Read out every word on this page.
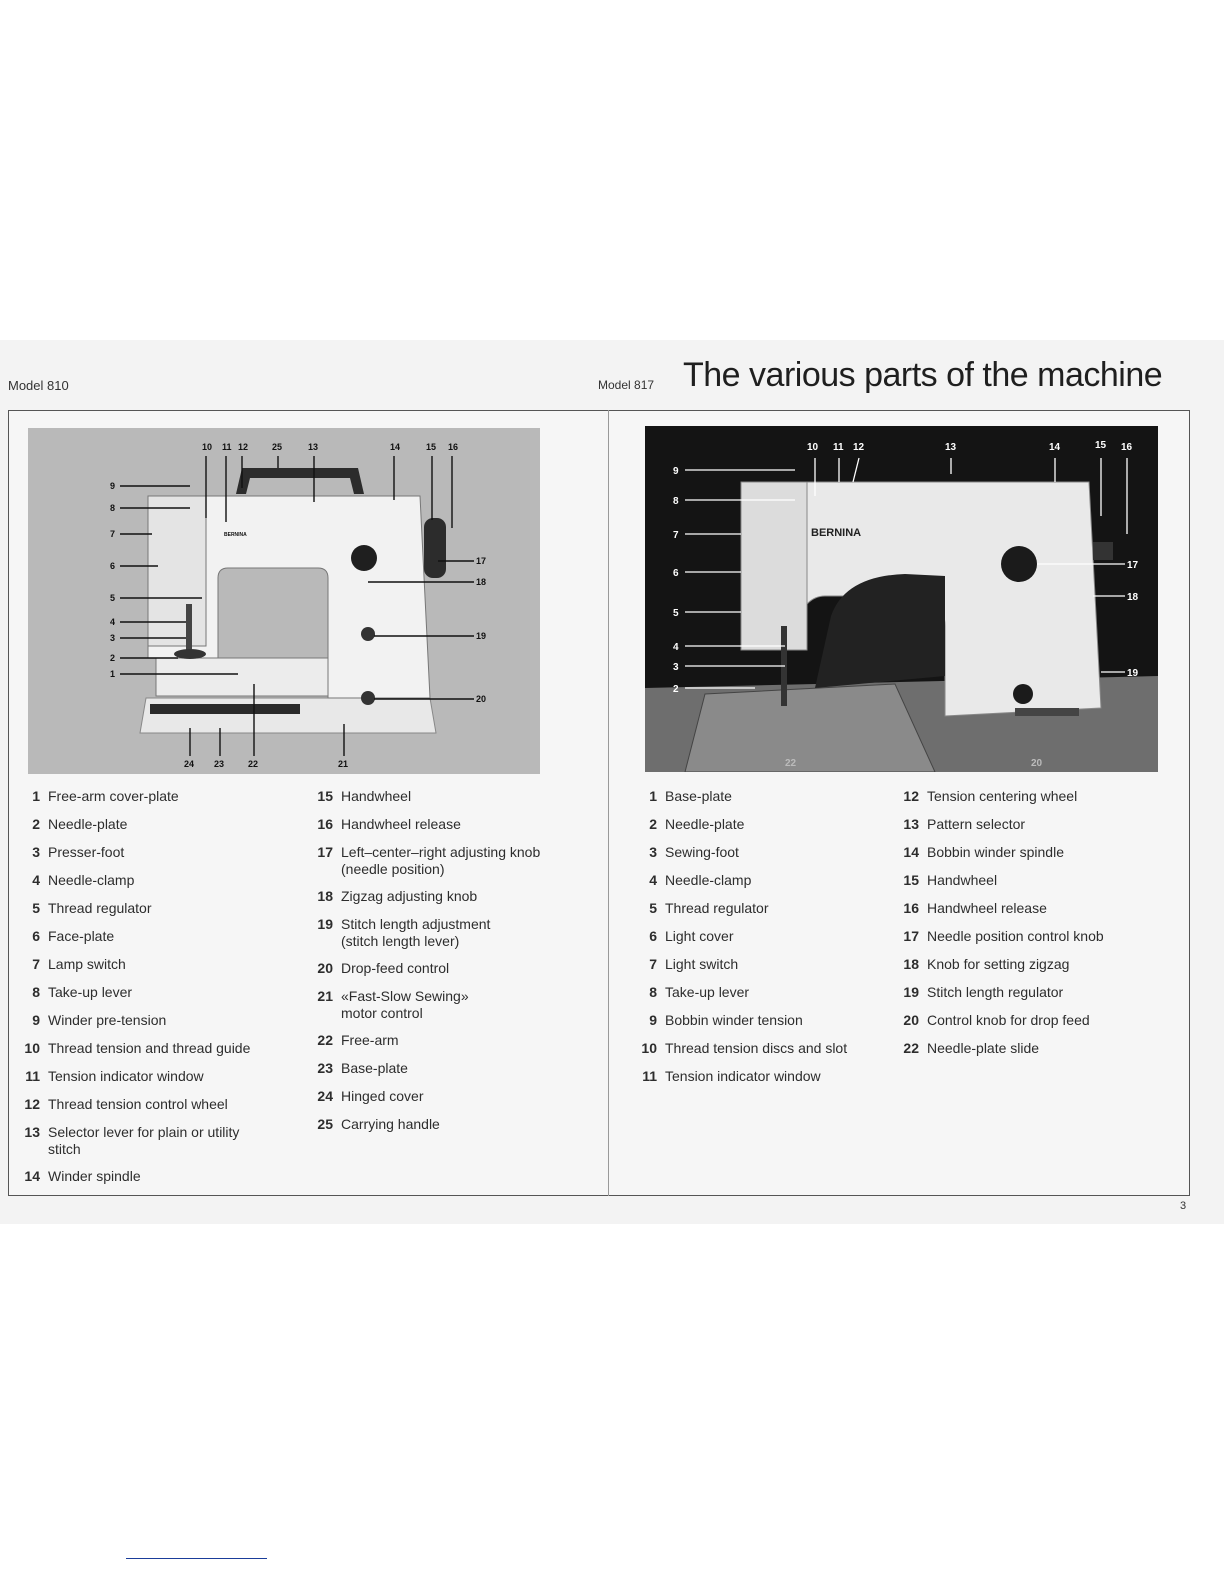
Model 810	Model 817 The various parts of the machine
10 11 12	25	13	14	15 16
9
8
7
6
5
4
3
2
1
17
18
19
20
24 23	22	21
BERNINA
10 11 12	13	14	15 16
9
8
7
6
5
4
3
2
17
18
19
22	20
BERNINA
1 Free-arm cover-plate
2 Needle-plate
3 Presser-foot
4 Needle-clamp
5 Thread regulator
6 Face-plate
7 Lamp switch
8 Take-up lever
9 Winder pre-tension
10 Thread tension and thread guide
11 Tension indicator window
12 Thread tension control wheel
13 Selector lever for plain or utility
stitch
14 Winder spindle
15 Handwheel
16 Handwheel release
17 Left–center–right adjusting knob
(needle position)
18 Zigzag adjusting knob
19 Stitch length adjustment
(stitch length lever)
20 Drop-feed control
21 «Fast-Slow Sewing»
motor control
22 Free-arm
23 Base-plate
24 Hinged cover
25 Carrying handle
1 Base-plate
2 Needle-plate
3 Sewing-foot
4 Needle-clamp
5 Thread regulator
6 Light cover
7 Light switch
8 Take-up lever
9 Bobbin winder tension
10 Thread tension discs and slot
11 Tension indicator window
12 Tension centering wheel
13 Pattern selector
14 Bobbin winder spindle
15 Handwheel
16 Handwheel release
17 Needle position control knob
18 Knob for setting zigzag
19 Stitch length regulator
20 Control knob for drop feed
22 Needle-plate slide
3
